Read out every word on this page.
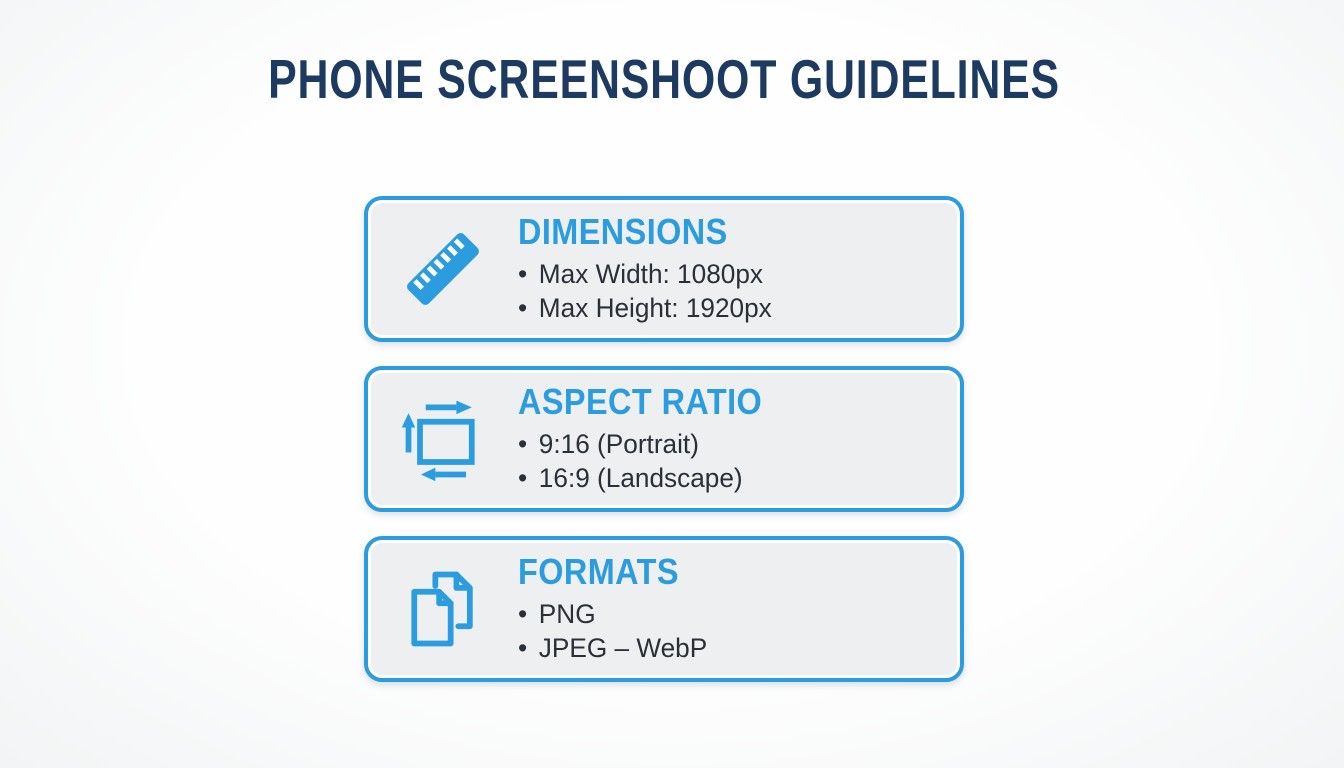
PHONE SCREENSHOOT GUIDELINES
DIMENSIONS
• Max Width: 1080px
• Max Height: 1920px
ASPECT RATIO
• 9:16 (Portrait)
• 16:9 (Landscape)
FORMATS
• PNG
• JPEG – WebP
